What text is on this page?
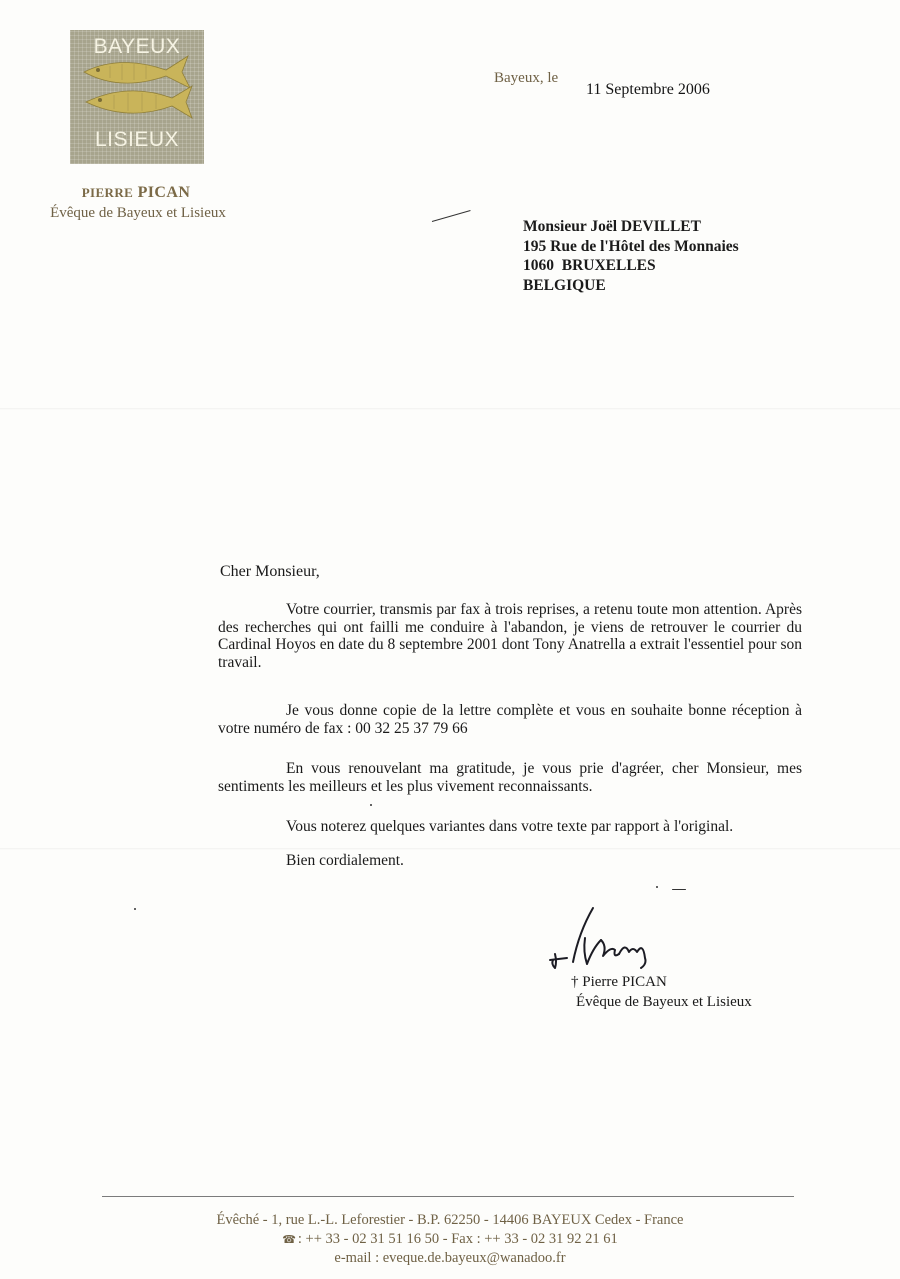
BAYEUX
LISIEUX
PIERRE PICAN
Évêque de Bayeux et Lisieux
Bayeux, le
11 Septembre 2006
Monsieur Joël DEVILLET
195 Rue de l'Hôtel des Monnaies
1060  BRUXELLES
BELGIQUE
Cher Monsieur,
Votre courrier, transmis par fax à trois reprises, a retenu toute mon attention. Après des recherches qui ont failli me conduire à l'abandon, je viens de retrouver le courrier du Cardinal Hoyos en date du 8 septembre 2001 dont Tony Anatrella a extrait l'essentiel pour son travail.
Je vous donne copie de la lettre complète et vous en souhaite bonne réception à votre numéro de fax : 00 32 25 37 79 66
En vous renouvelant ma gratitude, je vous prie d'agréer, cher Monsieur, mes sentiments les meilleurs et les plus vivement reconnaissants.
Vous noterez quelques variantes dans votre texte par rapport à l'original.
Bien cordialement.
† Pierre PICAN
Évêque de Bayeux et Lisieux
Évêché - 1, rue L.-L. Leforestier - B.P. 62250 - 14406 BAYEUX Cedex - France
☎ : ++ 33 - 02 31 51 16 50 - Fax : ++ 33 - 02 31 92 21 61
e-mail : eveque.de.bayeux@wanadoo.fr
